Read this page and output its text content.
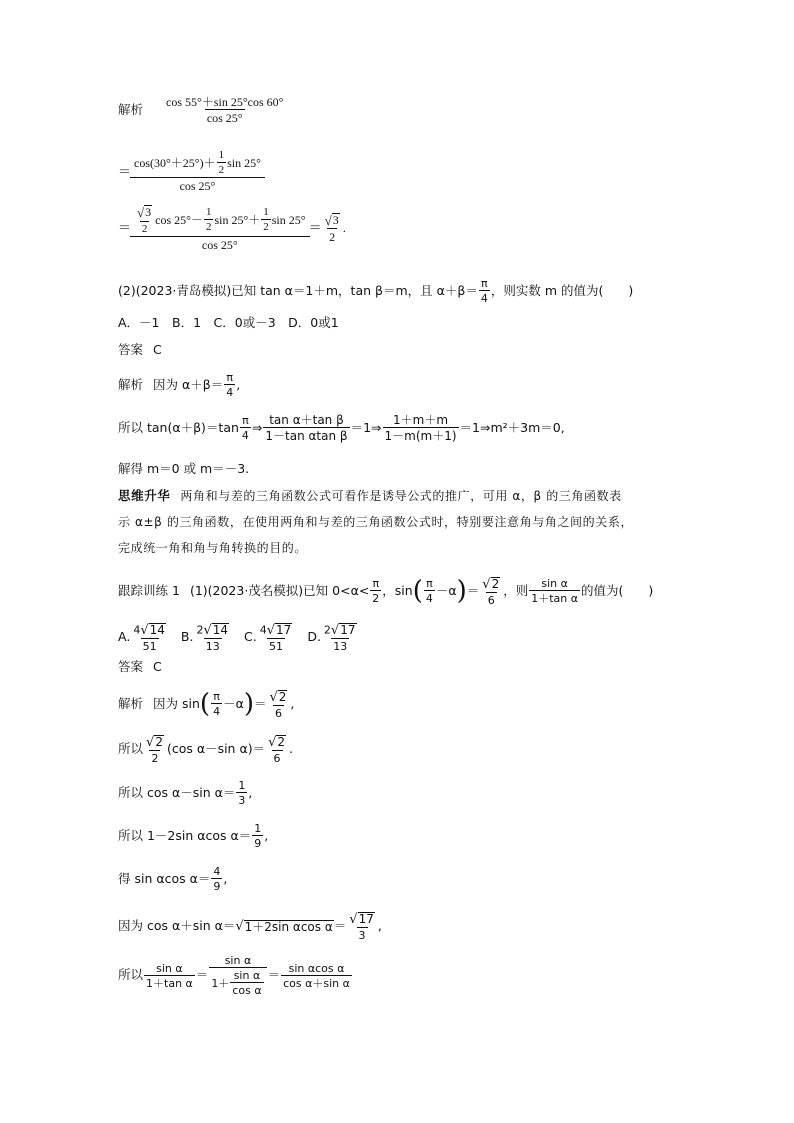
解析 $\frac{\cos 55^\circ+\sin 25^\circ\cos 60^\circ}{\cos 25^\circ}$
＝ $\frac{\cos(30^\circ+25^\circ)+ \frac{1}{2} \sin 25^\circ}{\cos 25^\circ}$
＝ $\frac{√ 3}{2}$ $\cos 25^\circ- \frac{1}{2}$ $\sin 25^\circ+ \frac{1}{2}$ sin 25°
cos 25°
＝ $\frac{√ 3}{2}$ .
(2)(2023·青岛模拟)已知 tan α＝1＋m，tan β＝m，且 $\alpha+\beta= \frac{\pi}{4}$ ，则实数 m 的值为(　　)
A．－1　B．1　C．0或－3　D．0或1
答案 C
解析 因为 $\alpha+\beta= \frac{\pi}{4}$ ,
所以 $\tan(\alpha+\beta)=\tan \frac{\pi}{4}$ ⇒ $\frac{\text{tan α＋tan β}}{\text{1－tan αtan β}}$ ＝1⇒ $\frac{1+m+m}{1-m(m+1)}$ ＝1⇒m²＋3m＝0,
解得 m＝0 或 m＝－3.
思维升华 两角和与差的三角函数公式可看作是诱导公式的推广，可用 α，β 的三角函数表
示 α±β 的三角函数，在使用两角和与差的三角函数公式时，特别要注意角与角之间的关系，
完成统一角和角与角转换的目的。
跟踪训练 1 (1)(2023·茂名模拟)已知 $0<\alpha< \frac{\pi}{2}$ ，sin ( $\frac{\pi}{4} -\alpha$ ) ＝ $\frac{√ 2}{6}$ ，则 $\frac{\text{sin α}}{\text{1＋tan α}}$ 的值为(　　)
A. $\frac{4 √ 14}{51} B$. $\frac{2 √ 14}{13} C$. $\frac{4 √ 17}{51} D$. $\frac{2 √ 17}{13}$
答案 C
解析 因为 sin ( $\frac{\pi}{4} -\alpha$ ) ＝ $\frac{√ 2}{6}$ ,
所以 $\frac{√ 2}{2} (\cos$ α－sin $\alpha)= \frac{√ 2}{6}$ .
所以 cos α－sin $\alpha= \frac{1}{3}$ ,
所以 1－2sin αcos $\alpha= \frac{1}{9}$ ,
得 sin αcos $\alpha= \frac{4}{9}$ ,
因为 cos α＋sin α＝ √ 1＋2sin αcos $\alpha = \frac{√ 17}{3}$ ,
所以 $\frac{\text{sin α}}{\text{1＋tan α}} = \frac{\text{sin α}}{1+ \frac{\text{sin α}}{\text{cos α}}} = \frac{\text{sin αcos α}}{\text{cos α＋sin α}}$
